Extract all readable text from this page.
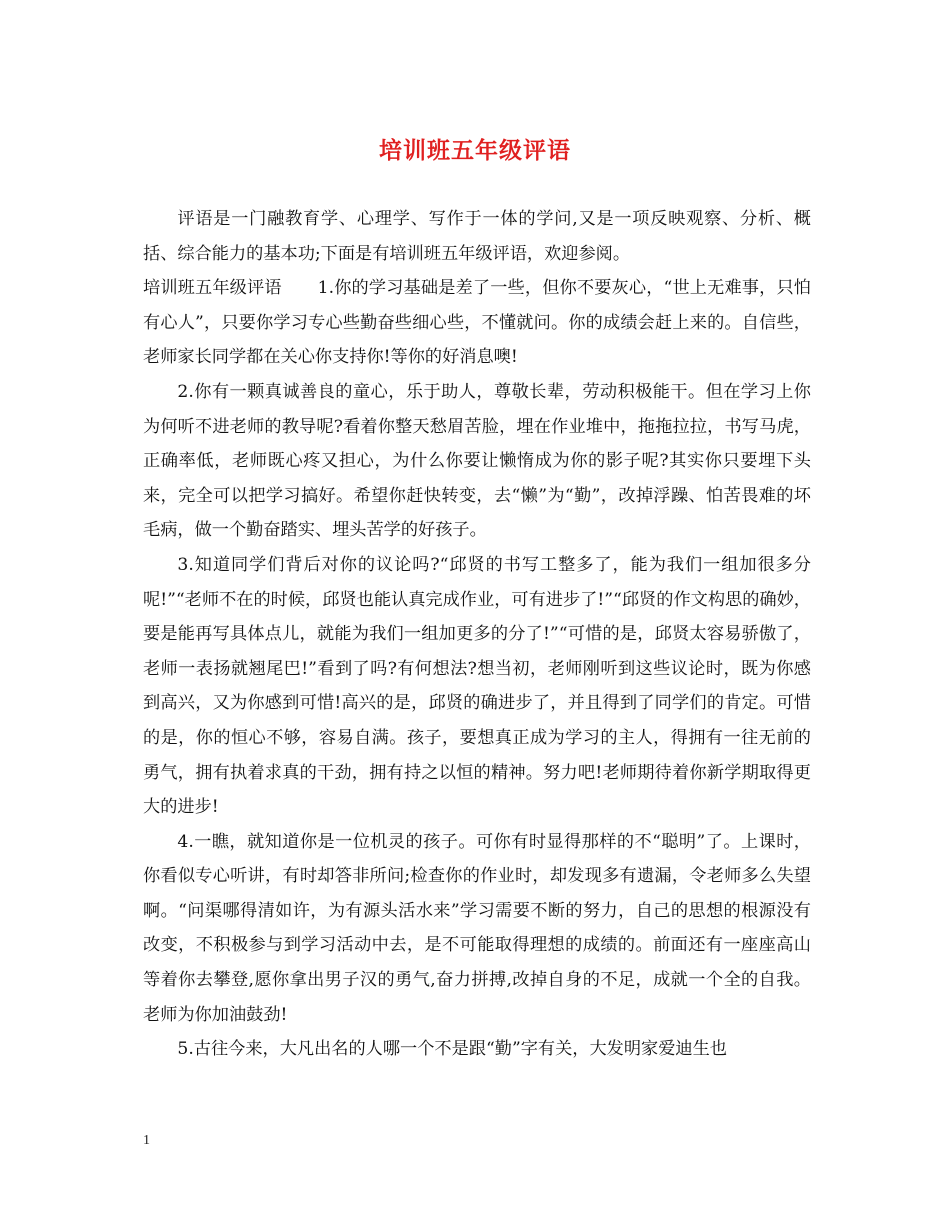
培训班五年级评语

评语是一门融教育学、心理学、写作于一体的学问,又是一项反映观察、分析、概括、综合能力的基本功;下面是有培训班五年级评语，欢迎参阅。

培训班五年级评语 1.你的学习基础是差了一些，但你不要灰心，“世上无难事，只怕有心人”，只要你学习专心些勤奋些细心些，不懂就问。你的成绩会赶上来的。自信些，老师家长同学都在关心你支持你!等你的好消息噢!

2.你有一颗真诚善良的童心，乐于助人，尊敬长辈，劳动积极能干。但在学习上你为何听不进老师的教导呢?看着你整天愁眉苦脸，埋在作业堆中，拖拖拉拉，书写马虎，正确率低，老师既心疼又担心，为什么你要让懒惰成为你的影子呢?其实你只要埋下头来，完全可以把学习搞好。希望你赶快转变，去“懒”为“勤”，改掉浮躁、怕苦畏难的坏毛病，做一个勤奋踏实、埋头苦学的好孩子。

3.知道同学们背后对你的议论吗?“邱贤的书写工整多了，能为我们一组加很多分呢!”“老师不在的时候，邱贤也能认真完成作业，可有进步了!”“邱贤的作文构思的确妙，要是能再写具体点儿，就能为我们一组加更多的分了!”“可惜的是，邱贤太容易骄傲了，老师一表扬就翘尾巴!”看到了吗?有何想法?想当初，老师刚听到这些议论时，既为你感到高兴，又为你感到可惜!高兴的是，邱贤的确进步了，并且得到了同学们的肯定。可惜的是，你的恒心不够，容易自满。孩子，要想真正成为学习的主人，得拥有一往无前的勇气，拥有执着求真的干劲，拥有持之以恒的精神。努力吧!老师期待着你新学期取得更大的进步!

4.一瞧，就知道你是一位机灵的孩子。可你有时显得那样的不“聪明”了。上课时，你看似专心听讲，有时却答非所问;检查你的作业时，却发现多有遗漏，令老师多么失望啊。“问渠哪得清如许，为有源头活水来”学习需要不断的努力，自己的思想的根源没有改变，不积极参与到学习活动中去，是不可能取得理想的成绩的。前面还有一座座高山等着你去攀登,愿你拿出男子汉的勇气,奋力拼搏,改掉自身的不足，成就一个全的自我。老师为你加油鼓劲!

5.古往今来，大凡出名的人哪一个不是跟“勤”字有关，大发明家爱迪生也

1
